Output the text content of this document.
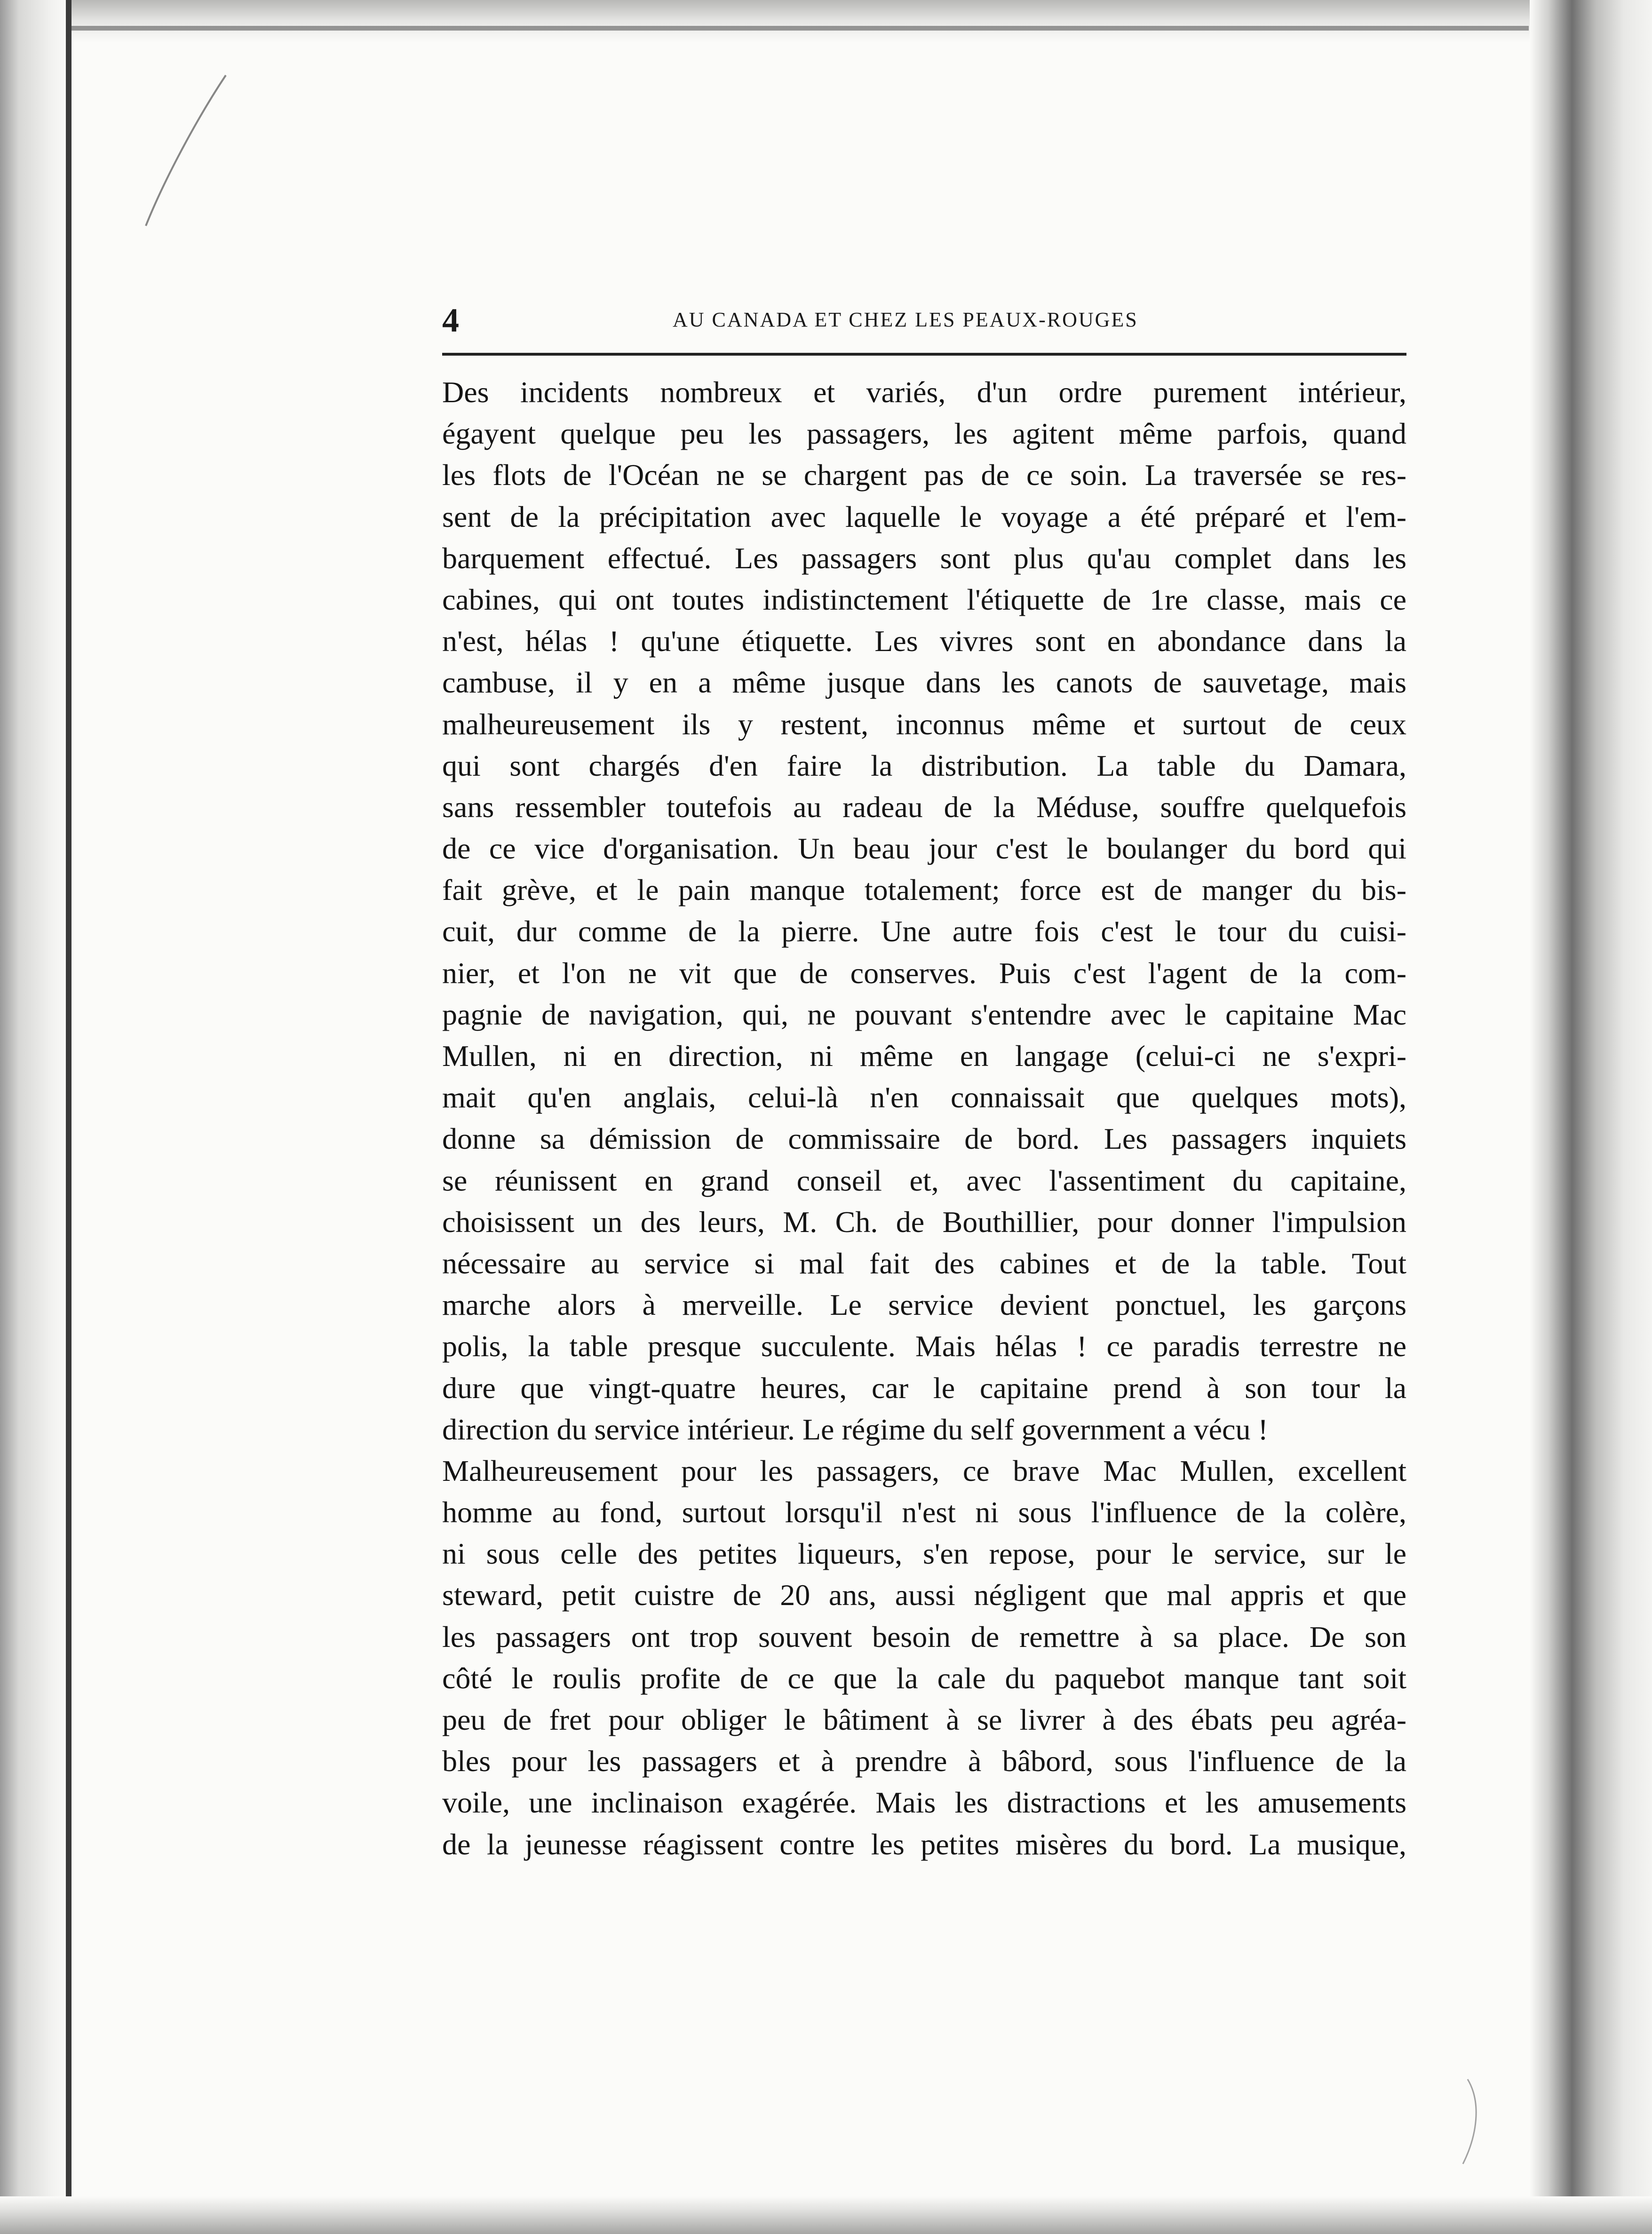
4	AU CANADA ET CHEZ LES PEAUX-ROUGES
Des incidents nombreux et variés, d'un ordre purement intérieur,
égayent quelque peu les passagers, les agitent même parfois, quand
les flots de l'Océan ne se chargent pas de ce soin. La traversée se res-
sent de la précipitation avec laquelle le voyage a été préparé et l'em-
barquement effectué. Les passagers sont plus qu'au complet dans les
cabines, qui ont toutes indistinctement l'étiquette de 1re classe, mais ce
n'est, hélas ! qu'une étiquette. Les vivres sont en abondance dans la
cambuse, il y en a même jusque dans les canots de sauvetage, mais
malheureusement ils y restent, inconnus même et surtout de ceux
qui sont chargés d'en faire la distribution. La table du Damara,
sans ressembler toutefois au radeau de la Méduse, souffre quelquefois
de ce vice d'organisation. Un beau jour c'est le boulanger du bord qui
fait grève, et le pain manque totalement; force est de manger du bis-
cuit, dur comme de la pierre. Une autre fois c'est le tour du cuisi-
nier, et l'on ne vit que de conserves. Puis c'est l'agent de la com-
pagnie de navigation, qui, ne pouvant s'entendre avec le capitaine Mac
Mullen, ni en direction, ni même en langage (celui-ci ne s'expri-
mait qu'en anglais, celui-là n'en connaissait que quelques mots),
donne sa démission de commissaire de bord. Les passagers inquiets
se réunissent en grand conseil et, avec l'assentiment du capitaine,
choisissent un des leurs, M. Ch. de Bouthillier, pour donner l'impulsion
nécessaire au service si mal fait des cabines et de la table. Tout
marche alors à merveille. Le service devient ponctuel, les garçons
polis, la table presque succulente. Mais hélas ! ce paradis terrestre ne
dure que vingt-quatre heures, car le capitaine prend à son tour la
direction du service intérieur. Le régime du self government a vécu !
Malheureusement pour les passagers, ce brave Mac Mullen, excellent
homme au fond, surtout lorsqu'il n'est ni sous l'influence de la colère,
ni sous celle des petites liqueurs, s'en repose, pour le service, sur le
steward, petit cuistre de 20 ans, aussi négligent que mal appris et que
les passagers ont trop souvent besoin de remettre à sa place. De son
côté le roulis profite de ce que la cale du paquebot manque tant soit
peu de fret pour obliger le bâtiment à se livrer à des ébats peu agréa-
bles pour les passagers et à prendre à bâbord, sous l'influence de la
voile, une inclinaison exagérée. Mais les distractions et les amusements
de la jeunesse réagissent contre les petites misères du bord. La musique,
